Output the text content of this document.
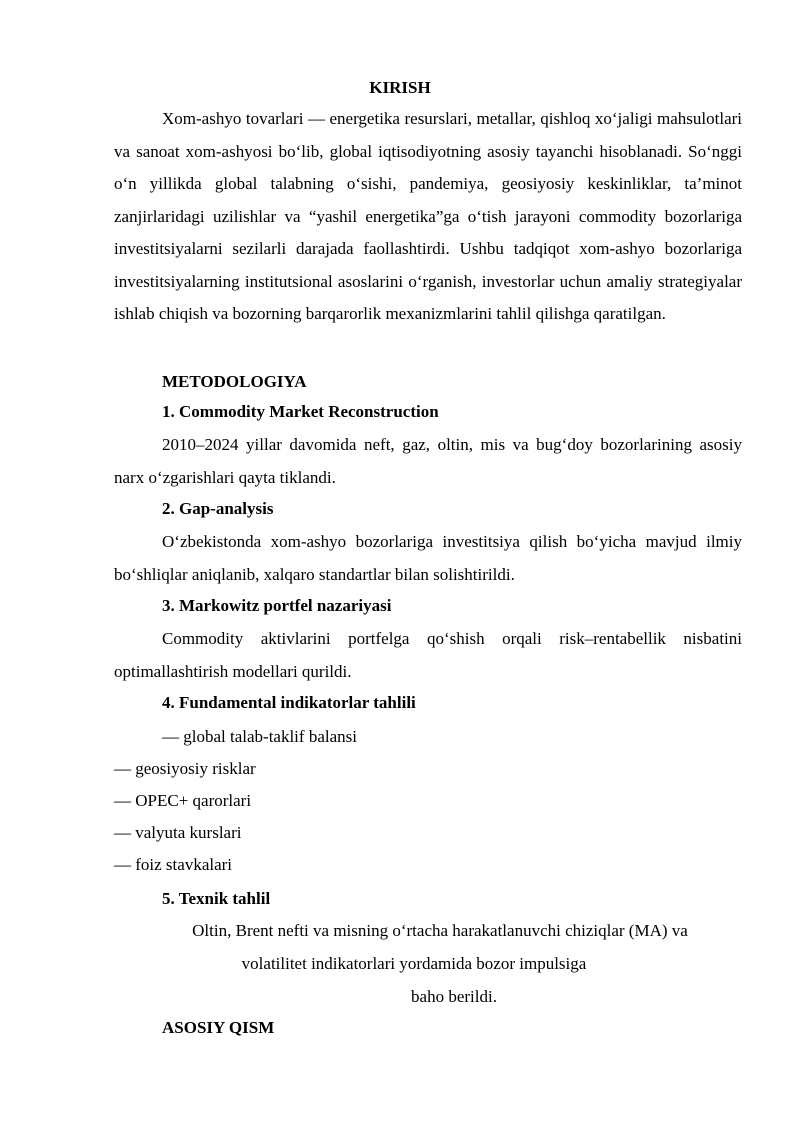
KIRISH
Xom-ashyo tovarlari — energetika resurslari, metallar, qishloq xo‘jaligi mahsulotlari va sanoat xom-ashyosi bo‘lib, global iqtisodiyotning asosiy tayanchi hisoblanadi. So‘nggi o‘n yillikda global talabning o‘sishi, pandemiya, geosiyosiy keskinliklar, ta’minot zanjirlaridagi uzilishlar va “yashil energetika”ga o‘tish jarayoni commodity bozorlariga investitsiyalarni sezilarli darajada faollashtirdi. Ushbu tadqiqot xom-ashyo bozorlariga investitsiyalarning institutsional asoslarini o‘rganish, investorlar uchun amaliy strategiyalar ishlab chiqish va bozorning barqarorlik mexanizmlarini tahlil qilishga qaratilgan.
METODOLOGIYA
1. Commodity Market Reconstruction
2010–2024 yillar davomida neft, gaz, oltin, mis va bug‘doy bozorlarining asosiy narx o‘zgarishlari qayta tiklandi.
2. Gap-analysis
O‘zbekistonda xom-ashyo bozorlariga investitsiya qilish bo‘yicha mavjud ilmiy bo‘shliqlar aniqlanib, xalqaro standartlar bilan solishtirildi.
3. Markowitz portfel nazariyasi
Commodity aktivlarini portfelga qo‘shish orqali risk–rentabellik nisbatini optimallashtirish modellari qurildi.
4. Fundamental indikatorlar tahlili
— global talab-taklif balansi
— geosiyosiy risklar
— OPEC+ qarorlari
— valyuta kurslari
— foiz stavkalari
5. Texnik tahlil
Oltin, Brent nefti va misning o‘rtacha harakatlanuvchi chiziqlar (MA) va
volatilitet indikatorlari yordamida bozor impulsiga
baho berildi.
ASOSIY QISM
